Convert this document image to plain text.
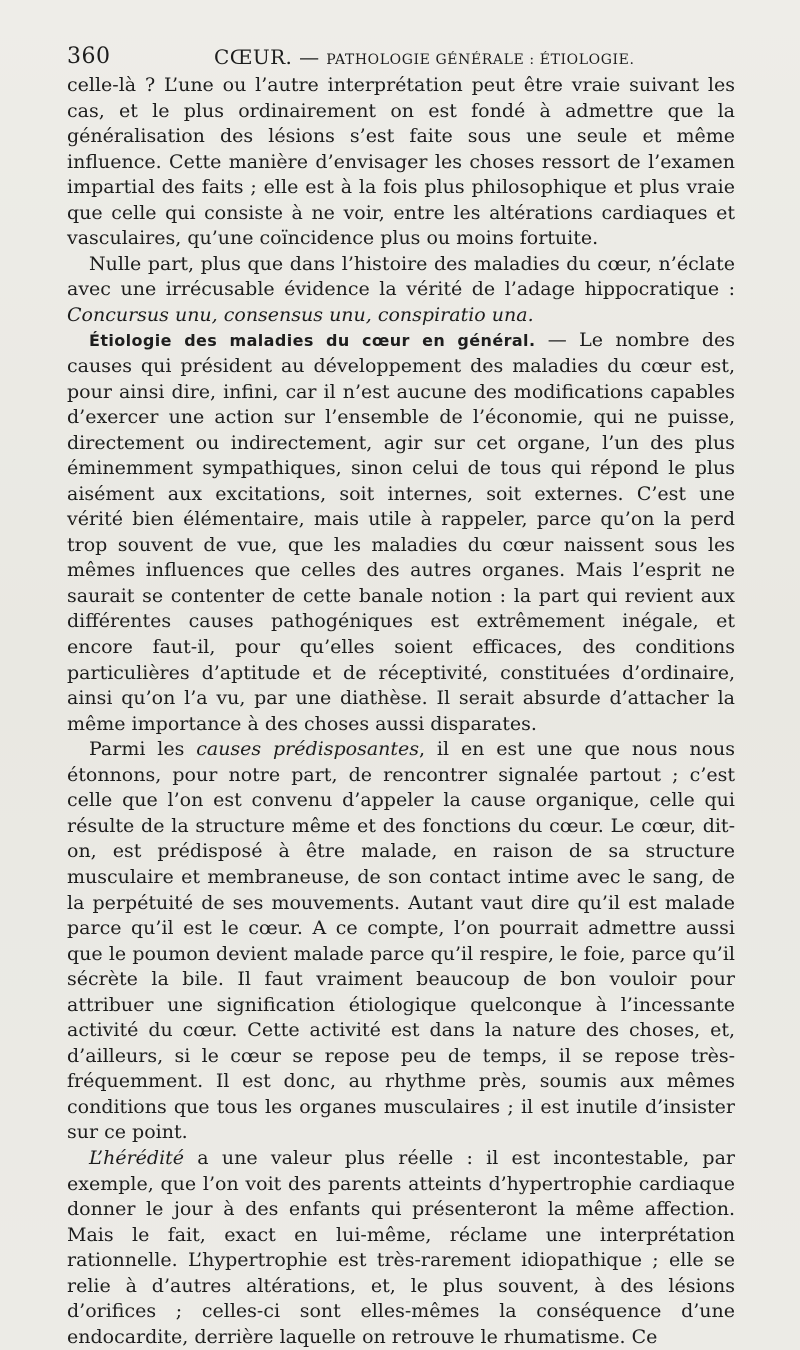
360	CŒUR. — PATHOLOGIE GÉNÉRALE : ÉTIOLOGIE.

celle-là ? L’une ou l’autre interprétation peut être vraie suivant les cas, et le plus ordinairement on est fondé à admettre que la généralisation des lésions s’est faite sous une seule et même influence. Cette manière d’envisager les choses ressort de l’examen impartial des faits ; elle est à la fois plus philosophique et plus vraie que celle qui consiste à ne voir, entre les altérations cardiaques et vasculaires, qu’une coïncidence plus ou moins fortuite.

Nulle part, plus que dans l’histoire des maladies du cœur, n’éclate avec une irrécusable évidence la vérité de l’adage hippocratique : Concursus unu, consensus unu, conspiratio una.

Étiologie des maladies du cœur en général. — Le nombre des causes qui président au développement des maladies du cœur est, pour ainsi dire, infini, car il n’est aucune des modifications capables d’exercer une action sur l’ensemble de l’économie, qui ne puisse, directement ou indirectement, agir sur cet organe, l’un des plus éminemment sympathiques, sinon celui de tous qui répond le plus aisément aux excitations, soit internes, soit externes. C’est une vérité bien élémentaire, mais utile à rappeler, parce qu’on la perd trop souvent de vue, que les maladies du cœur naissent sous les mêmes influences que celles des autres organes. Mais l’esprit ne saurait se contenter de cette banale notion : la part qui revient aux différentes causes pathogéniques est extrêmement inégale, et encore faut-il, pour qu’elles soient efficaces, des conditions particulières d’aptitude et de réceptivité, constituées d’ordinaire, ainsi qu’on l’a vu, par une diathèse. Il serait absurde d’attacher la même importance à des choses aussi disparates.

Parmi les causes prédisposantes, il en est une que nous nous étonnons, pour notre part, de rencontrer signalée partout ; c’est celle que l’on est convenu d’appeler la cause organique, celle qui résulte de la structure même et des fonctions du cœur. Le cœur, dit-on, est prédisposé à être malade, en raison de sa structure musculaire et membraneuse, de son contact intime avec le sang, de la perpétuité de ses mouvements. Autant vaut dire qu’il est malade parce qu’il est le cœur. A ce compte, l’on pourrait admettre aussi que le poumon devient malade parce qu’il respire, le foie, parce qu’il sécrète la bile. Il faut vraiment beaucoup de bon vouloir pour attribuer une signification étiologique quelconque à l’incessante activité du cœur. Cette activité est dans la nature des choses, et, d’ailleurs, si le cœur se repose peu de temps, il se repose très-fréquemment. Il est donc, au rhythme près, soumis aux mêmes conditions que tous les organes musculaires ; il est inutile d’insister sur ce point.

L’hérédité a une valeur plus réelle : il est incontestable, par exemple, que l’on voit des parents atteints d’hypertrophie cardiaque donner le jour à des enfants qui présenteront la même affection. Mais le fait, exact en lui-même, réclame une interprétation rationnelle. L’hypertrophie est très-rarement idiopathique ; elle se relie à d’autres altérations, et, le plus souvent, à des lésions d’orifices ; celles-ci sont elles-mêmes la conséquence d’une endocardite, derrière laquelle on retrouve le rhumatisme. Ce
